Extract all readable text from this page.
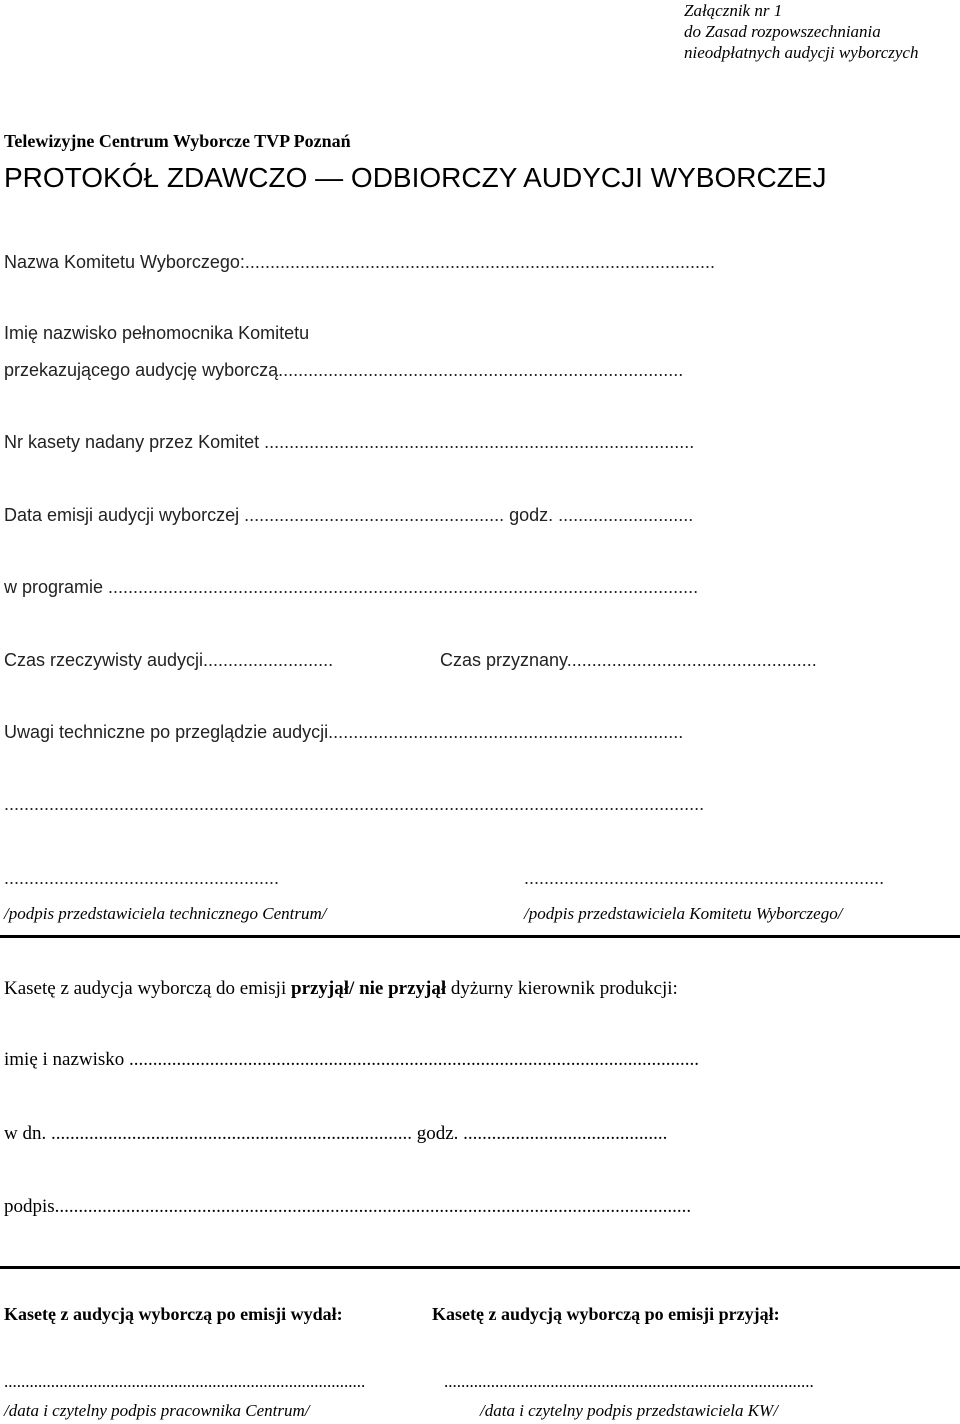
Załącznik nr 1
do Zasad rozpowszechniania
nieodpłatnych audycji wyborczych
Telewizyjne Centrum Wyborcze TVP Poznań
PROTOKÓŁ ZDAWCZO — ODBIORCZY AUDYCJI WYBORCZEJ
Nazwa Komitetu Wyborczego:..............................................................................................
Imię nazwisko pełnomocnika Komitetu
przekazującego audycję wyborczą.................................................................................
Nr kasety nadany przez Komitet ......................................................................................
Data emisji audycji wyborczej .................................................... godz. ...........................
w programie ......................................................................................................................
Czas rzeczywisty audycji..........................	Czas przyznany..................................................
Uwagi techniczne po przeglądzie audycji.......................................................................
............................................................................................................................................
.......................................................	........................................................................
/podpis przedstawiciela technicznego Centrum/	/podpis przedstawiciela Komitetu Wyborczego/
Kasetę z audycja wyborczą do emisji przyjął/ nie przyjął dyżurny kierownik produkcji:
imię i nazwisko ........................................................................................................................
w dn. ............................................................................ godz. ...........................................
podpis......................................................................................................................................
Kasetę z audycją wyborczą po emisji wydał:	Kasetę z audycją wyborczą po emisji przyjął:
.....................................................................................	.......................................................................................
/data i czytelny podpis pracownika Centrum/	/data i czytelny podpis przedstawiciela KW/
